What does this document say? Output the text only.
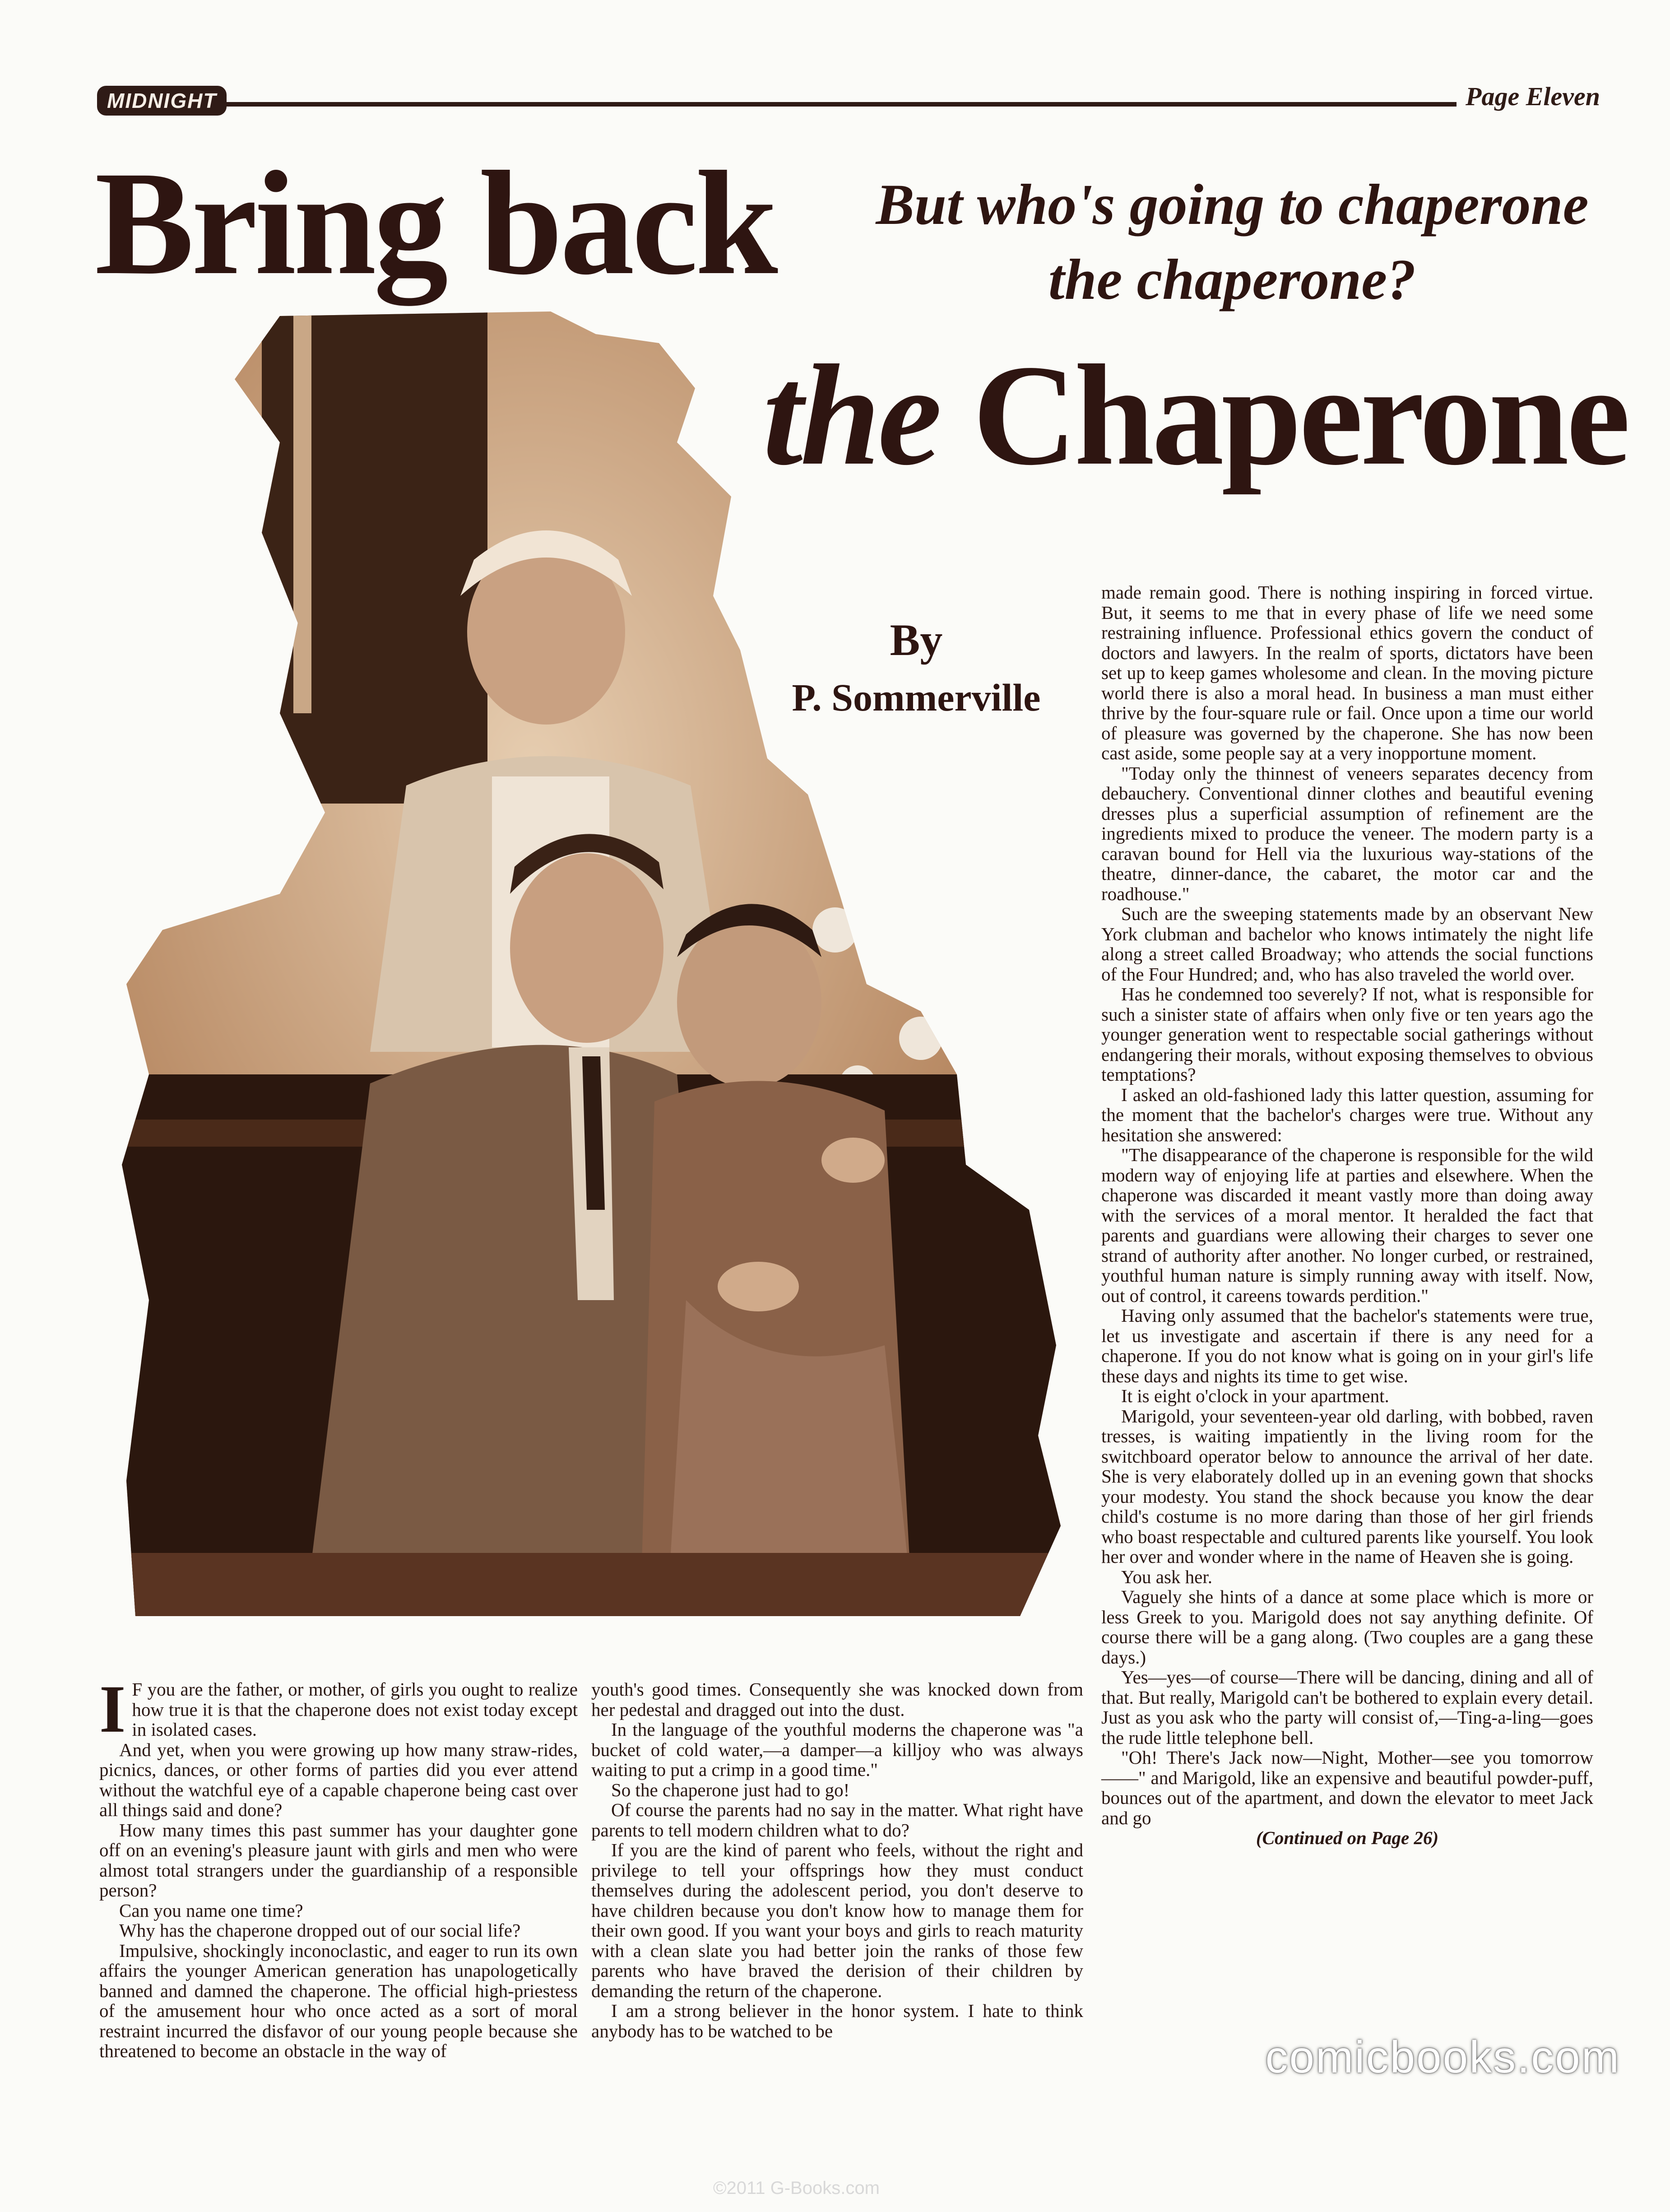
MIDNIGHT	Page Eleven
Bring back	But who's going to chaperone the chaperone?
the Chaperone
By
P. Sommerville

made remain good. There is nothing inspiring in forced virtue. But, it seems to me that in every phase of life we need some restraining influence. Professional ethics govern the conduct of doctors and lawyers. In the realm of sports, dictators have been set up to keep games wholesome and clean. In the moving picture world there is also a moral head. In business a man must either thrive by the four-square rule or fail. Once upon a time our world of pleasure was governed by the chaperone. She has now been cast aside, some people say at a very inopportune moment.

"Today only the thinnest of veneers separates decency from debauchery. Conventional dinner clothes and beautiful evening dresses plus a superficial assumption of refinement are the ingredients mixed to produce the veneer. The modern party is a caravan bound for Hell via the luxurious way-stations of the theatre, dinner-dance, the cabaret, the motor car and the roadhouse."

Such are the sweeping statements made by an observant New York clubman and bachelor who knows intimately the night life along a street called Broadway; who attends the social functions of the Four Hundred; and, who has also traveled the world over.

Has he condemned too severely? If not, what is responsible for such a sinister state of affairs when only five or ten years ago the younger generation went to respectable social gatherings without endangering their morals, without exposing themselves to obvious temptations?

I asked an old-fashioned lady this latter question, assuming for the moment that the bachelor's charges were true. Without any hesitation she answered:

"The disappearance of the chaperone is responsible for the wild modern way of enjoying life at parties and elsewhere. When the chaperone was discarded it meant vastly more than doing away with the services of a moral mentor. It heralded the fact that parents and guardians were allowing their charges to sever one strand of authority after another. No longer curbed, or restrained, youthful human nature is simply running away with itself. Now, out of control, it careens towards perdition."

Having only assumed that the bachelor's statements were true, let us investigate and ascertain if there is any need for a chaperone. If you do not know what is going on in your girl's life these days and nights its time to get wise.

It is eight o'clock in your apartment.

Marigold, your seventeen-year old darling, with bobbed, raven tresses, is waiting impatiently in the living room for the switchboard operator below to announce the arrival of her date. She is very elaborately dolled up in an evening gown that shocks your modesty. You stand the shock because you know the dear child's costume is no more daring than those of her girl friends who boast respectable and cultured parents like yourself. You look her over and wonder where in the name of Heaven she is going.

You ask her.

Vaguely she hints of a dance at some place which is more or less Greek to you. Marigold does not say anything definite. Of course there will be a gang along. (Two couples are a gang these days.)

Yes—yes—of course—There will be dancing, dining and all of that. But really, Marigold can't be bothered to explain every detail. Just as you ask who the party will consist of,—Ting-a-ling—goes the rude little telephone bell.

"Oh! There's Jack now—Night, Mother—see you tomorrow——" and Marigold, like an expensive and beautiful powder-puff, bounces out of the apartment, and down the elevator to meet Jack and go

(Continued on Page 26)

I F you are the father, or mother, of girls you ought to realize how true it is that the chaperone does not exist today except in isolated cases.

And yet, when you were growing up how many straw-rides, picnics, dances, or other forms of parties did you ever attend without the watchful eye of a capable chaperone being cast over all things said and done?

How many times this past summer has your daughter gone off on an evening's pleasure jaunt with girls and men who were almost total strangers under the guardianship of a responsible person?

Can you name one time?

Why has the chaperone dropped out of our social life?

Impulsive, shockingly inconoclastic, and eager to run its own affairs the younger American generation has unapologetically banned and damned the chaperone. The official high-priestess of the amusement hour who once acted as a sort of moral restraint incurred the disfavor of our young people because she threatened to become an obstacle in the way of

youth's good times. Consequently she was knocked down from her pedestal and dragged out into the dust.

In the language of the youthful moderns the chaperone was "a bucket of cold water,—a damper—a killjoy who was always waiting to put a crimp in a good time."

So the chaperone just had to go!

Of course the parents had no say in the matter. What right have parents to tell modern children what to do?

If you are the kind of parent who feels, without the right and privilege to tell your offsprings how they must conduct themselves during the adolescent period, you don't deserve to have children because you don't know how to manage them for their own good. If you want your boys and girls to reach maturity with a clean slate you had better join the ranks of those few parents who have braved the derision of their children by demanding the return of the chaperone.

I am a strong believer in the honor system. I hate to think anybody has to be watched to be

comicbooks.com
©2011 G-Books.com
